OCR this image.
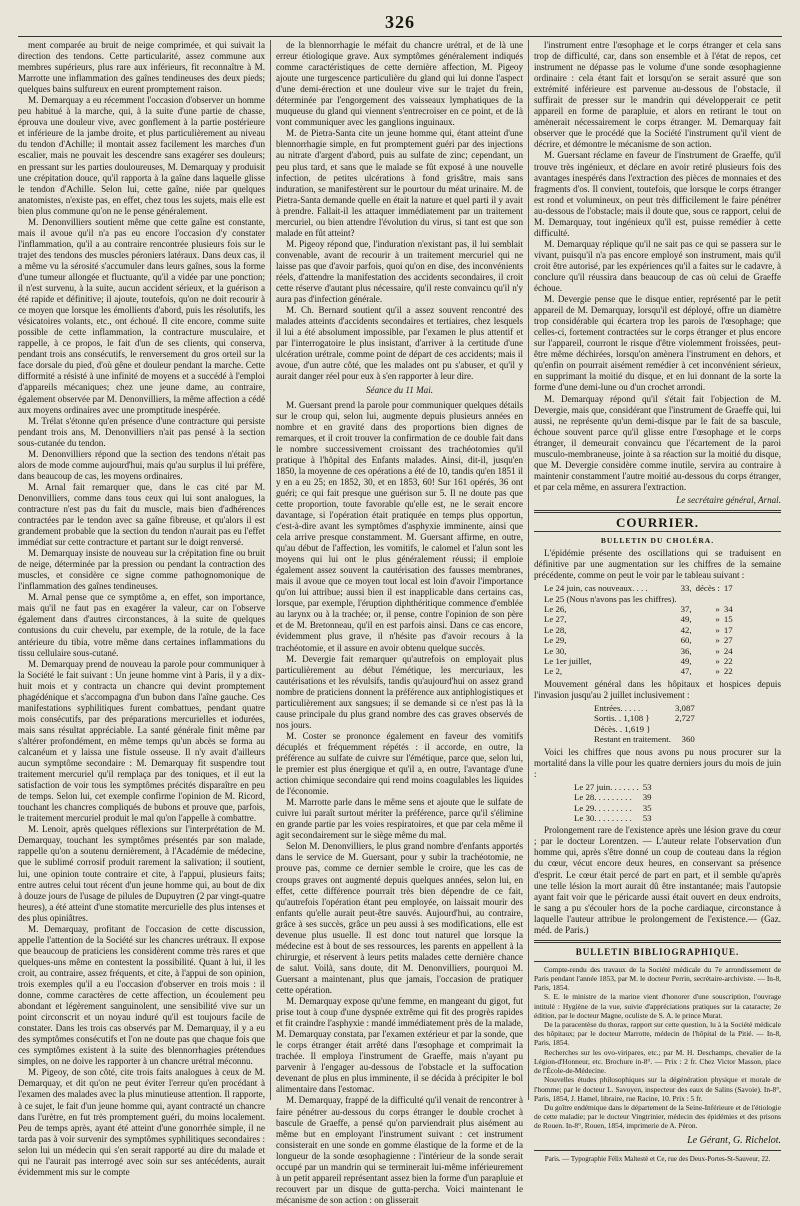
326

ment comparée au bruit de neige comprimée, et qui suivait la direction des tendons. Cette particularité, assez commune aux membres supérieurs, plus rare aux inférieurs, fit reconnaître à M. Marrotte une inflammation des gaînes tendineuses des deux pieds; quelques bains sulfureux en eurent promptement raison.

M. Demarquay a eu récemment l'occasion d'observer un homme peu habitué à la marche, qui, à la suite d'une partie de chasse, éprouva une douleur vive, avec gonflement à la partie postérieure et inférieure de la jambe droite, et plus particulièrement au niveau du tendon d'Achille; il montait assez facilement les marches d'un escalier, mais ne pouvait les descendre sans exagérer ses douleurs; en pressant sur les parties douloureuses, M. Demarquay y produisit une crépitation douce, qu'il rapporta à la gaîne dans laquelle glisse le tendon d'Achille. Selon lui, cette gaîne, niée par quelques anatomistes, n'existe pas, en effet, chez tous les sujets, mais elle est bien plus commune qu'on ne le pense généralement.

M. Denonvilliers soutient même que cette gaîne est constante, mais il avoue qu'il n'a pas eu encore l'occasion d'y constater l'inflammation, qu'il a au contraire rencontrée plusieurs fois sur le trajet des tendons des muscles péroniers latéraux. Dans deux cas, il a même vu la sérosité s'accumuler dans leurs gaînes, sous la forme d'une tumeur allongée et fluctuante, qu'il a vidée par une ponction; il n'est survenu, à la suite, aucun accident sérieux, et la guérison a été rapide et définitive; il ajoute, toutefois, qu'on ne doit recourir à ce moyen que lorsque les émollients d'abord, puis les résolutifs, les vésicatoires volants, etc., ont échoué. Il cite encore, comme suite possible de cette inflammation, la contracture musculaire, et rappelle, à ce propos, le fait d'un de ses clients, qui conserva, pendant trois ans consécutifs, le renversement du gros orteil sur la face dorsale du pied, d'où gêne et douleur pendant la marche. Cette difformité a résisté à une infinité de moyens et a succédé à l'emploi d'appareils mécaniques; chez une jeune dame, au contraire, également observée par M. Denonvilliers, la même affection a cédé aux moyens ordinaires avec une promptitude inespérée.

M. Trélat s'étonne qu'en présence d'une contracture qui persiste pendant trois ans, M. Denonvilliers n'ait pas pensé à la section sous-cutanée du tendon.

M. Denonvilliers répond que la section des tendons n'était pas alors de mode comme aujourd'hui, mais qu'au surplus il lui préfère, dans beaucoup de cas, les moyens ordinaires.

M. Arnal fait remarquer que, dans le cas cité par M. Denonvilliers, comme dans tous ceux qui lui sont analogues, la contracture n'est pas du fait du muscle, mais bien d'adhérences contractées par le tendon avec sa gaîne fibreuse, et qu'alors il est grandement probable que la section du tendon n'aurait pas eu l'effet immédiat sur cette contracture et partant sur le doigt renversé.

M. Demarquay insiste de nouveau sur la crépitation fine ou bruit de neige, déterminée par la pression ou pendant la contraction des muscles, et considère ce signe comme pathognomonique de l'inflammation des gaînes tendineuses.

M. Arnal pense que ce symptôme a, en effet, son importance, mais qu'il ne faut pas en exagérer la valeur, car on l'observe également dans d'autres circonstances, à la suite de quelques contusions du cuir chevelu, par exemple, de la rotule, de la face antérieure du tibia, votre même dans certaines inflammations du tissu cellulaire sous-cutané.

M. Demarquay prend de nouveau la parole pour communiquer à la Société le fait suivant : Un jeune homme vint à Paris, il y a dix-huit mois et y contracta un chancre qui devint promptement phagédénique et s'accompagna d'un bubon dans l'aîne gauche. Ces manifestations syphilitiques furent combattues, pendant quatre mois consécutifs, par des préparations mercurielles et iodurées, mais sans résultat appréciable. La santé générale finit même par s'altérer profondément, en même temps qu'un abcès se forma au calcanéum et y laissa une fistule osseuse. Il n'y avait d'ailleurs aucun symptôme secondaire : M. Demarquay fit suspendre tout traitement mercuriel qu'il remplaça par des toniques, et il eut la satisfaction de voir tous les symptômes précités disparaître en peu de temps. Selon lui, cet exemple confirme l'opinion de M. Ricord, touchant les chancres compliqués de bubons et prouve que, parfois, le traitement mercuriel produit le mal qu'on l'appelle à combattre.

M. Lenoir, après quelques réflexions sur l'interprétation de M. Demarquay, touchant les symptômes présentés par son malade, rappelle qu'on a soutenu dernièrement, à l'Académie de médecine, que le sublimé corrosif produit rarement la salivation; il soutient, lui, une opinion toute contraire et cite, à l'appui, plusieurs faits; entre autres celui tout récent d'un jeune homme qui, au bout de dix à douze jours de l'usage de pilules de Dupuytren (2 par vingt-quatre heures), a été atteint d'une stomatite mercurielle des plus intenses et des plus opiniâtres.

M. Demarquay, profitant de l'occasion de cette discussion, appelle l'attention de la Société sur les chancres urétraux. Il expose que beaucoup de praticiens les considèrent comme très rares et que quelques-uns même en contestent la possibilité. Quant à lui, il les croit, au contraire, assez fréquents, et cite, à l'appui de son opinion, trois exemples qu'il a eu l'occasion d'observer en trois mois : il donne, comme caractères de cette affection, un écoulement peu abondant et légèrement sanguinolent, une sensibilité vive sur un point circonscrit et un noyau induré qu'il est toujours facile de constater. Dans les trois cas observés par M. Demarquay, il y a eu des symptômes consécutifs et l'on ne doute pas que chaque fois que ces symptômes existent à la suite des blennorrhagies prétendues simples, on ne doive les rapporter à un chancre urétral méconnu.

M. Pigeoy, de son côté, cite trois faits analogues à ceux de M. Demarquay, et dit qu'on ne peut éviter l'erreur qu'en procédant à l'examen des malades avec la plus minutieuse attention. Il rapporte, à ce sujet, le fait d'un jeune homme qui, ayant contracté un chancre dans l'urètre, en fut très promptement guéri, du moins localement. Peu de temps après, ayant été atteint d'une gonorrhée simple, il ne tarda pas à voir survenir des symptômes syphilitiques secondaires : selon lui un médecin qui s'en serait rapporté au dire du malade et qui ne l'aurait pas interrogé avec soin sur ses antécédents, aurait évidemment mis sur le compte

de la blennorrhagie le méfait du chancre urétral, et de là une erreur étiologique grave. Aux symptômes généralement indiqués comme caractéristiques de cette dernière affection, M. Pigeoy ajoute une turgescence particulière du gland qui lui donne l'aspect d'une demi-érection et une douleur vive sur le trajet du frein, déterminée par l'engorgement des vaisseaux lymphatiques de la muqueuse du gland qui viennent s'entrecroiser en ce point, et de là vont communiquer avec les ganglions inguinaux.

M. de Pietra-Santa cite un jeune homme qui, étant atteint d'une blennorrhagie simple, en fut promptement guéri par des injections au nitrate d'argent d'abord, puis au sulfate de zinc; cependant, un peu plus tard, et sans que le malade se fût exposé à une nouvelle infection, de petites ulcérations à fond grisâtre, mais sans induration, se manifestèrent sur le pourtour du méat urinaire. M. de Pietra-Santa demande quelle en était la nature et quel parti il y avait à prendre. Fallait-il les attaquer immédiatement par un traitement mercuriel, ou bien attendre l'évolution du virus, si tant est que son malade en fût atteint?

M. Pigeoy répond que, l'induration n'existant pas, il lui semblait convenable, avant de recourir à un traitement mercuriel qui ne laisse pas que d'avoir parfois, quoi qu'on en dise, des inconvénients réels, d'attendre la manifestation des accidents secondaires, il croit cette réserve d'autant plus nécessaire, qu'il reste convaincu qu'il n'y aura pas d'infection générale.

M. Ch. Bernard soutient qu'il a assez souvent rencontré des malades atteints d'accidents secondaires et tertiaires, chez lesquels il lui a été absolument impossible, par l'examen le plus attentif et par l'interrogatoire le plus insistant, d'arriver à la certitude d'une ulcération urétrale, comme point de départ de ces accidents; mais il avoue, d'un autre côté, que les malades ont pu s'abuser, et qu'il y aurait danger réel pour eux à s'en rapporter à leur dire.

Séance du 11 Mai.

M. Guersant prend la parole pour communiquer quelques détails sur le croup qui, selon lui, augmente depuis plusieurs années en nombre et en gravité dans des proportions bien dignes de remarques, et il croit trouver la confirmation de ce double fait dans le nombre successivement croissant des trachéotomies qu'il pratique à l'hôpital des Enfants malades. Ainsi, dit-il, jusqu'en 1850, la moyenne de ces opérations a été de 10, tandis qu'en 1851 il y en a eu 25; en 1852, 30, et en 1853, 60! Sur 161 opérés, 36 ont guéri; ce qui fait presque une guérison sur 5. Il ne doute pas que cette proportion, toute favorable qu'elle est, ne le serait encore davantage, si l'opération était pratiquée en temps plus opportun, c'est-à-dire avant les symptômes d'asphyxie imminente, ainsi que cela arrive presque constamment. M. Guersant affirme, en outre, qu'au début de l'affection, les vomitifs, le calomel et l'alun sont les moyens qui lui ont le plus généralement réussi; il emploie également assez souvent la cautérisation des fausses membranes, mais il avoue que ce moyen tout local est loin d'avoir l'importance qu'on lui attribue; aussi bien il est inapplicable dans certains cas, lorsque, par exemple, l'éruption diphthéritique commence d'emblée au larynx ou à la trachée; or, il pense, contre l'opinion de son père et de M. Bretonneau, qu'il en est parfois ainsi. Dans ce cas encore, évidemment plus grave, il n'hésite pas d'avoir recours à la trachéotomie, et il assure en avoir obtenu quelque succès.

M. Devergie fait remarquer qu'autrefois on employait plus particulièrement au début l'émétique, les mercuriaux, les cautérisations et les révulsifs, tandis qu'aujourd'hui on assez grand nombre de praticiens donnent la préférence aux antiphlogistiques et particulièrement aux sangsues; il se demande si ce n'est pas là la cause principale du plus grand nombre des cas graves observés de nos jours.

M. Coster se prononce également en faveur des vomitifs décuplés et fréquemment répétés : il accorde, en outre, la préférence au sulfate de cuivre sur l'émétique, parce que, selon lui, le premier est plus énergique et qu'il a, en outre, l'avantage d'une action chimique secondaire qui rend moins coagulables les liquides de l'économie.

M. Marrotte parle dans le même sens et ajoute que le sulfate de cuivre lui paraît surtout mériter la préférence, parce qu'il s'élimine en grande partie par les voies respiratoires, et que par cela même il agit secondairement sur le siège même du mal.

Selon M. Denonvilliers, le plus grand nombre d'enfants apportés dans le service de M. Guersant, pour y subir la trachéotomie, ne prouve pas, comme ce dernier semble le croire, que les cas de croups graves ont augmenté depuis quelques années, selon lui, en effet, cette différence pourrait très bien dépendre de ce fait, qu'autrefois l'opération étant peu employée, on laissait mourir des enfants qu'elle aurait peut-être sauvés. Aujourd'hui, au contraire, grâce à ses succès, grâce un peu aussi à ses modifications, elle est devenue plus usuelle. Il est donc tout naturel que lorsque la médecine est à bout de ses ressources, les parents en appellent à la chirurgie, et réservent à leurs petits malades cette dernière chance de salut. Voilà, sans doute, dit M. Denonvilliers, pourquoi M. Guersant a maintenant, plus que jamais, l'occasion de pratiquer cette opération.

M. Demarquay expose qu'une femme, en mangeant du gigot, fut prise tout à coup d'une dyspnée extrême qui fit des progrès rapides et fit craindre l'asphyxie : mandé immédiatement près de la malade, M. Demarquay constata, par l'examen extérieur et par la sonde, que le corps étranger était arrêté dans l'œsophage et comprimait la trachée. Il employa l'instrument de Graeffe, mais n'ayant pu parvenir à l'engager au-dessous de l'obstacle et la suffocation devenant de plus en plus imminente, il se décida à précipiter le bol alimentaire dans l'estomac.

M. Demarquay, frappé de la difficulté qu'il venait de rencontrer à faire pénétrer au-dessous du corps étranger le double crochet à bascule de Graeffe, a pensé qu'on parviendrait plus aisément au même but en employant l'instrument suivant : cet instrument consisterait en une sonde en gomme élastique de la forme et de la longueur de la sonde œsophagienne : l'intérieur de la sonde serait occupé par un mandrin qui se terminerait lui-même inférieurement à un petit appareil représentant assez bien la forme d'un parapluie et recouvert par un disque de gutta-percha. Voici maintenant le mécanisme de son action : on glisserait

l'instrument entre l'œsophage et le corps étranger et cela sans trop de difficulté, car, dans son ensemble et à l'état de repos, cet instrument ne dépasse pas le volume d'une sonde œsophagienne ordinaire : cela étant fait et lorsqu'on se serait assuré que son extrémité inférieure est parvenue au-dessous de l'obstacle, il suffirait de presser sur le mandrin qui développerait ce petit appareil en forme de parapluie, et alors en retirant le tout on amènerait nécessairement le corps étranger. M. Demarquay fait observer que le procédé que la Société l'instrument qu'il vient de décrire, et démontre le mécanisme de son action.

M. Guersant réclame en faveur de l'instrument de Graeffe, qu'il trouve très ingénieux, et déclare en avoir retiré plusieurs fois des avantages inespérés dans l'extraction des pièces de monnaies et des fragments d'os. Il convient, toutefois, que lorsque le corps étranger est rond et volumineux, on peut très difficilement le faire pénétrer au-dessous de l'obstacle; mais il doute que, sous ce rapport, celui de M. Demarquay, tout ingénieux qu'il est, puisse remédier à cette difficulté.

M. Demarquay réplique qu'il ne sait pas ce qui se passera sur le vivant, puisqu'il n'a pas encore employé son instrument, mais qu'il croit être autorisé, par les expériences qu'il a faites sur le cadavre, à conclure qu'il réussira dans beaucoup de cas où celui de Graeffe échoue.

M. Devergie pense que le disque entier, représenté par le petit appareil de M. Demarquay, lorsqu'il est déployé, offre un diamètre trop considérable qui écartera trop les parois de l'œsophage; que celles-ci, fortement contractées sur le corps étranger et plus encore sur l'appareil, courront le risque d'être violemment froissées, peut-être même déchirées, lorsqu'on amènera l'instrument en dehors, et qu'enfin on pourrait aisément remédier à cet inconvénient sérieux, en supprimant la moitié du disque, et en lui donnant de la sorte la forme d'une demi-lune ou d'un crochet arrondi.

M. Demarquay répond qu'il s'était fait l'objection de M. Devergie, mais que, considérant que l'instrument de Graeffe qui, lui aussi, ne représente qu'un demi-disque par le fait de sa bascule, échoue souvent parce qu'il glisse entre l'œsophage et le corps étranger, il demeurait convaincu que l'écartement de la paroi musculo-membraneuse, jointe à sa réaction sur la moitié du disque, que M. Devergie considère comme inutile, servira au contraire à maintenir constamment l'autre moitié au-dessous du corps étranger, et par cela même, en assurera l'extraction.

Le secrétaire général, Arnal.

COURRIER.
BULLETIN DU CHOLÉRA.

L'épidémie présente des oscillations qui se traduisent en définitive par une augmentation sur les chiffres de la semaine précédente, comme on peut le voir par le tableau suivant :

Le 24 juin, cas nouveaux. . . .	33,	décès :	17
Le 25 (Nous n'avons pas les chiffres).			
Le 26,	37,	»	34
Le 27,	49,	»	15
Le 28,	42,	»	17
Le 29,	60,	»	27
Le 30,	36,	»	24
Le 1er juillet,	49,	»	22
Le 2,	47,	»	22

Mouvement général dans les hôpitaux et hospices depuis l'invasion jusqu'au 2 juillet inclusivement :

Entrées. . . . .	3,087
Sortis. . 1,108 }	2,727
Décès. . 1,619 }	
Restant en traitement.	360

Voici les chiffres que nous avons pu nous procurer sur la mortalité dans la ville pour les quatre derniers jours du mois de juin :

Le 27 juin. . . . . . .	53
Le 28. . . . . . . . .	39
Le 29. . . . . . . . .	35
Le 30. . . . . . . . .	53

Prolongement rare de l'existence après une lésion grave du cœur ; par le docteur Lorentzen. — L'auteur relate l'observation d'un homme qui, après s'être donné un coup de couteau dans la région du cœur, vécut encore deux heures, en conservant sa présence d'esprit. Le cœur était percé de part en part, et il semble qu'après une telle lésion la mort aurait dû être instantanée; mais l'autopsie ayant fait voir que le péricarde aussi était ouvert en deux endroits, le sang a pu s'écouler hors de la poche cardiaque, circonstance à laquelle l'auteur attribue le prolongement de l'existence.— (Gaz. méd. de Paris.)

BULLETIN BIBLIOGRAPHIQUE.

Compte-rendu des travaux de la Société médicale du 7e arrondissement de Paris pendant l'année 1853, par M. le docteur Perrin, secrétaire-archiviste. — In-8, Paris, 1854.

S. E. le ministre de la marine vient d'honorer d'une souscription, l'ouvrage intitulé : Hygiène de la vue, suivie d'appréciations pratiques sur la cataracte; 2e édition, par le docteur Magne, oculiste de S. A. le prince Murat.

De la paracentèse du thorax, rapport sur cette question, lu à la Société médicale des hôpitaux; par le docteur Marrotte, médecin de l'hôpital de la Pitié. — In-8, Paris, 1854.

Recherches sur les ovo-viripares, etc.; par M. H. Deschamps, chevalier de la Légion-d'Honneur, etc. Brochure in-8°. — Prix : 2 fr. Chez Victor Masson, place de l'École-de-Médecine.

Nouvelles études philosophiques sur la dégénération physique et morale de l'homme; par le docteur L. Savoyen, inspecteur des eaux de Salins (Savoie). In-8°, Paris, 1854, J. Hamel, libraire, rue Racine, 10. Prix : 5 fr.

Du goître endémique dans le département de la Seine-Inférieure et de l'étiologie de cette maladie; par le docteur Vingtrinier, médecin des épidémies et des prisons de Rouen. In-8°, Rouen, 1854, imprimerie de A. Péron.

Le Gérant, G. Richelot.
Paris. — Typographie Félix Maltestè et Ce, rue des Deux-Portes-St-Sauveur, 22.
